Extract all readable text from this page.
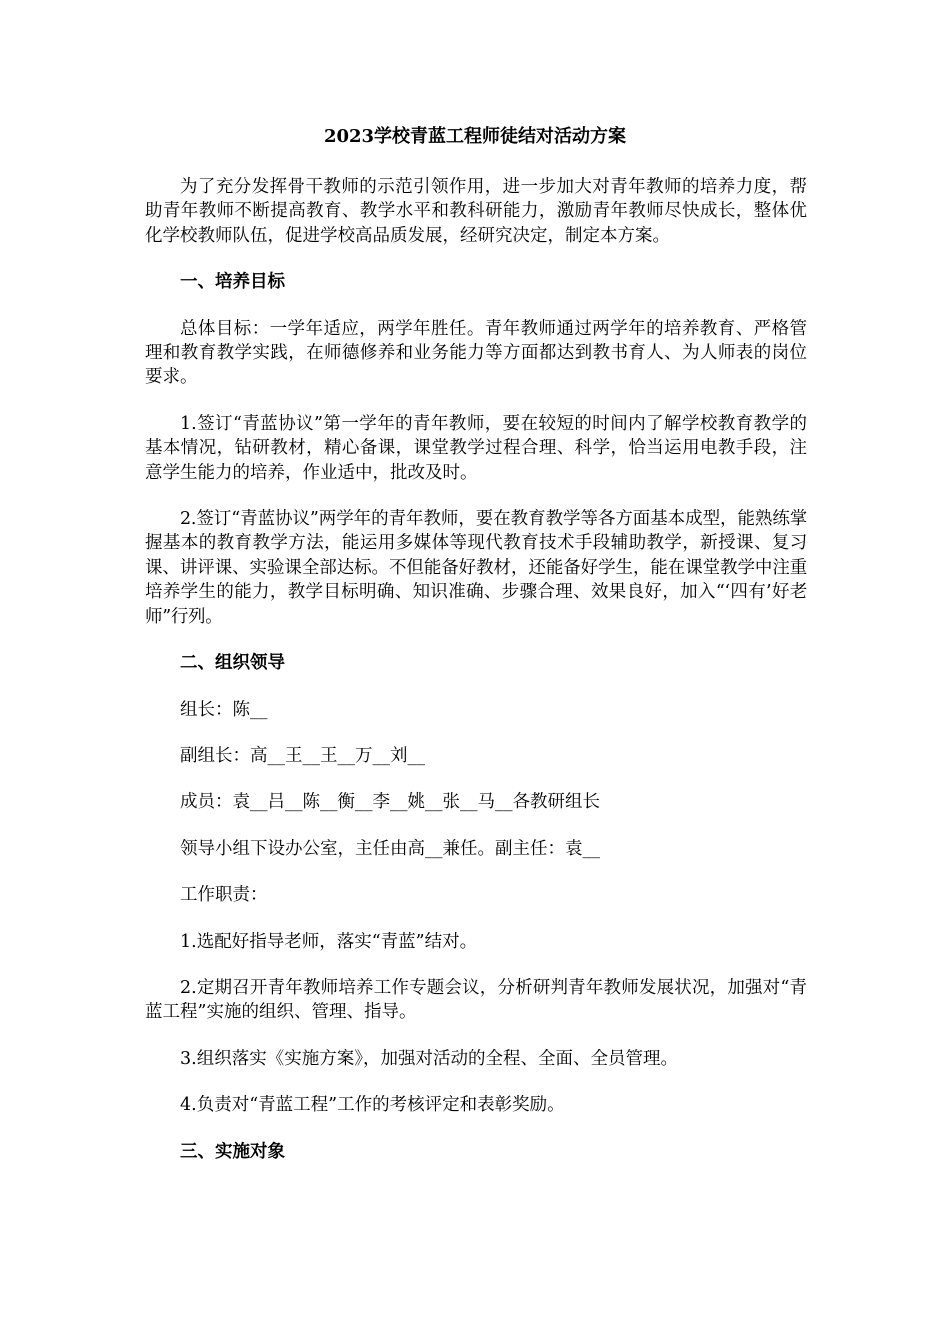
2023学校青蓝工程师徒结对活动方案

为了充分发挥骨干教师的示范引领作用，进一步加大对青年教师的培养力度，帮助青年教师不断提高教育、教学水平和教科研能力，激励青年教师尽快成长，整体优化学校教师队伍，促进学校高品质发展，经研究决定，制定本方案。

一、培养目标

总体目标：一学年适应，两学年胜任。青年教师通过两学年的培养教育、严格管理和教育教学实践，在师德修养和业务能力等方面都达到教书育人、为人师表的岗位要求。

1.签订“青蓝协议”第一学年的青年教师，要在较短的时间内了解学校教育教学的基本情况，钻研教材，精心备课，课堂教学过程合理、科学，恰当运用电教手段，注意学生能力的培养，作业适中，批改及时。

2.签订“青蓝协议”两学年的青年教师，要在教育教学等各方面基本成型，能熟练掌握基本的教育教学方法，能运用多媒体等现代教育技术手段辅助教学，新授课、复习课、讲评课、实验课全部达标。不但能备好教材，还能备好学生，能在课堂教学中注重培养学生的能力，教学目标明确、知识准确、步骤合理、效果良好，加入“‘四有’好老师”行列。

二、组织领导

组长：陈__

副组长：高__王__王__万__刘__

成员：袁__吕__陈__衡__李__姚__张__马__各教研组长

领导小组下设办公室，主任由高__兼任。副主任：袁__

工作职责：

1.选配好指导老师，落实“青蓝”结对。

2.定期召开青年教师培养工作专题会议，分析研判青年教师发展状况，加强对“青蓝工程”实施的组织、管理、指导。

3.组织落实《实施方案》，加强对活动的全程、全面、全员管理。

4.负责对“青蓝工程”工作的考核评定和表彰奖励。

三、实施对象
